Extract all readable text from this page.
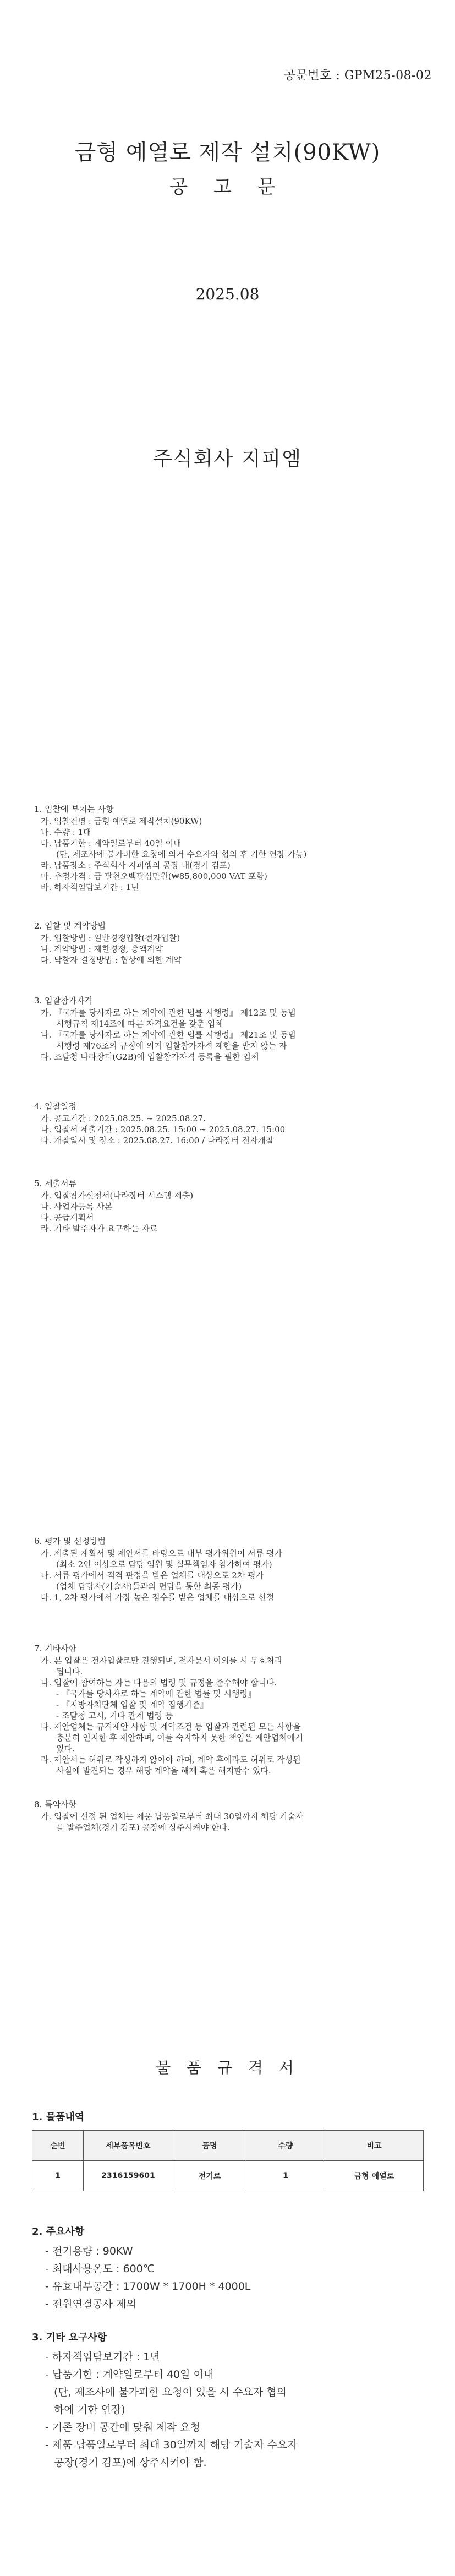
공문번호 : GPM25-08-02
금형 예열로 제작 설치(90KW)
공 고 문
2025.08
주식회사 지피엠
1. 입찰에 부치는 사항
가. 입찰건명 : 금형 예열로 제작설치(90KW)
나. 수량 : 1대
다. 납품기한 : 계약일로부터 40일 이내
(단, 제조사에 불가피한 요청에 의거 수요자와 협의 후 기한 연장 가능)
라. 납품장소 : 주식회사 지피엠의 공장 내(경기 김포)
마. 추정가격 : 금 팔천오백팔십만원(₩85,800,000 VAT 포함)
바. 하자책임담보기간 : 1년
2. 입찰 및 계약방법
가. 입찰방법 : 일반경쟁입찰(전자입찰)
나. 계약방법 : 제한경쟁, 총액계약
다. 낙찰자 결정방법 : 협상에 의한 계약
3. 입찰참가자격
가. 『국가를 당사자로 하는 계약에 관한 법률 시행령』 제12조 및 동법
시행규칙 제14조에 따른 자격요건을 갖춘 업체
나. 『국가를 당사자로 하는 계약에 관한 법률 시행령』 제21조 및 동법
시행령 제76조의 규정에 의거 입찰참가자격 제한을 받지 않는 자
다. 조달청 나라장터(G2B)에 입찰참가자격 등록을 필한 업체
4. 입찰일정
가. 공고기간 : 2025.08.25. ~ 2025.08.27.
나. 입찰서 제출기간 : 2025.08.25. 15:00 ~ 2025.08.27. 15:00
다. 개찰일시 및 장소 : 2025.08.27. 16:00 / 나라장터 전자개찰
5. 제출서류
가. 입찰참가신청서(나라장터 시스템 제출)
나. 사업자등록 사본
다. 공급계획서
라. 기타 발주자가 요구하는 자료
6. 평가 및 선정방법
가. 제출된 계획서 및 제안서를 바탕으로 내부 평가위원이 서류 평가
(최소 2인 이상으로 담당 임원 및 실무책임자 참가하여 평가)
나. 서류 평가에서 적격 판정을 받은 업체를 대상으로 2차 평가
(업체 담당자(기술자)들과의 면담을 통한 최종 평가)
다. 1, 2차 평가에서 가장 높은 점수를 받은 업체를 대상으로 선정
7. 기타사항
가. 본 입찰은 전자입찰로만 진행되며, 전자문서 이외를 시 무효처리
됩니다.
나. 입찰에 참여하는 자는 다음의 법령 및 규정을 준수해야 합니다.
- 『국가를 당사자로 하는 계약에 관한 법률 및 시행령』
- 『지방자치단체 입찰 및 계약 집행기준』
- 조달청 고시, 기타 관계 법령 등
다. 제안업체는 규격제안 사항 및 계약조건 등 입찰과 관련된 모든 사항을
충분히 인지한 후 제안하며, 이를 숙지하지 못한 책임은 제안업체에게
있다.
라. 제안서는 허위로 작성하지 않아야 하며, 계약 후에라도 허위로 작성된
사실에 발견되는 경우 해당 계약을 해제 혹은 해지할수 있다.
8. 특약사항
가. 입찰에 선정 된 업체는 제품 납품일로부터 최대 30일까지 해당 기술자
를 발주업체(경기 김포) 공장에 상주시켜야 한다.
물 품 규 격 서
1. 물품내역
순번	세부품목번호	품명	수량	비고
1	2316159601	전기로	1	금형 예열로
2. 주요사항
- 전기용량 : 90KW
- 최대사용온도 : 600℃
- 유효내부공간 : 1700W * 1700H * 4000L
- 전원연결공사 제외
3. 기타 요구사항
- 하자책임담보기간 : 1년
- 납품기한 : 계약일로부터 40일 이내
(단, 제조사에 불가피한 요청이 있을 시 수요자 협의
하에 기한 연장)
- 기존 장비 공간에 맞춰 제작 요청
- 제품 납품일로부터 최대 30일까지 해당 기술자 수요자
공장(경기 김포)에 상주시켜야 함.
